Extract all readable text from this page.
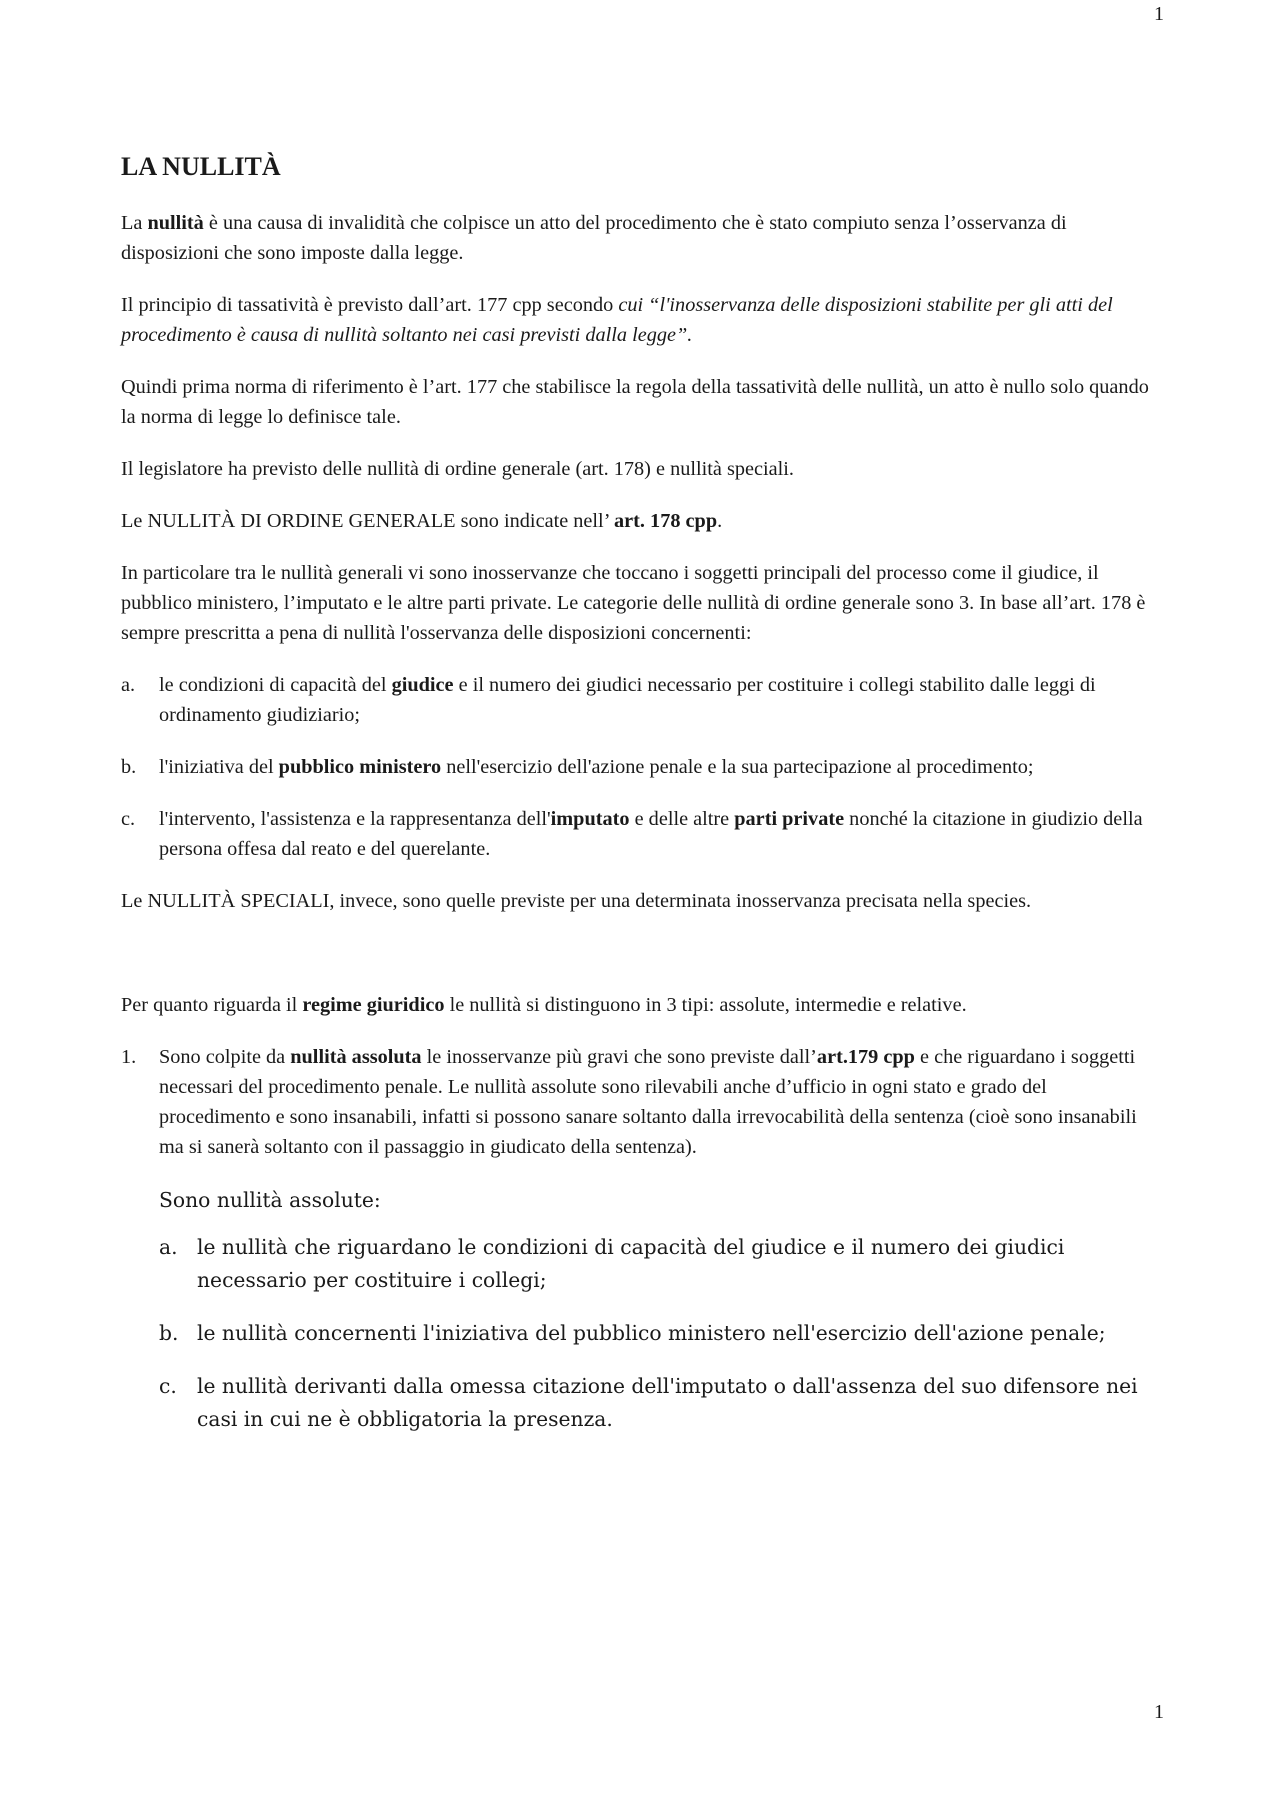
1
LA NULLITÀ

La nullità è una causa di invalidità che colpisce un atto del procedimento che è stato compiuto senza l’osservanza di disposizioni che sono imposte dalla legge.

Il principio di tassatività è previsto dall’art. 177 cpp secondo cui “l'inosservanza delle disposizioni stabilite per gli atti del procedimento è causa di nullità soltanto nei casi previsti dalla legge”.

Quindi prima norma di riferimento è l’art. 177 che stabilisce la regola della tassatività delle nullità, un atto è nullo solo quando la norma di legge lo definisce tale.

Il legislatore ha previsto delle nullità di ordine generale (art. 178) e nullità speciali.

Le NULLITÀ DI ORDINE GENERALE sono indicate nell’ art. 178 cpp.

In particolare tra le nullità generali vi sono inosservanze che toccano i soggetti principali del processo come il giudice, il pubblico ministero, l’imputato e le altre parti private. Le categorie delle nullità di ordine generale sono 3. In base all’art. 178 è sempre prescritta a pena di nullità l'osservanza delle disposizioni concernenti:

a. le condizioni di capacità del giudice e il numero dei giudici necessario per costituire i collegi stabilito dalle leggi di ordinamento giudiziario;
b. l'iniziativa del pubblico ministero nell'esercizio dell'azione penale e la sua partecipazione al procedimento;
c. l'intervento, l'assistenza e la rappresentanza dell'imputato e delle altre parti private nonché la citazione in giudizio della persona offesa dal reato e del querelante.

Le NULLITÀ SPECIALI, invece, sono quelle previste per una determinata inosservanza precisata nella species.

Per quanto riguarda il regime giuridico le nullità si distinguono in 3 tipi: assolute, intermedie e relative.

1. Sono colpite da nullità assoluta le inosservanze più gravi che sono previste dall’art.179 cpp e che riguardano i soggetti necessari del procedimento penale. Le nullità assolute sono rilevabili anche d’ufficio in ogni stato e grado del procedimento e sono insanabili, infatti si possono sanare soltanto dalla irrevocabilità della sentenza (cioè sono insanabili ma si sanerà soltanto con il passaggio in giudicato della sentenza).

Sono nullità assolute:

a. le nullità che riguardano le condizioni di capacità del giudice e il numero dei giudici necessario per costituire i collegi;
b. le nullità concernenti l'iniziativa del pubblico ministero nell'esercizio dell'azione penale;
c. le nullità derivanti dalla omessa citazione dell'imputato o dall'assenza del suo difensore nei casi in cui ne è obbligatoria la presenza.
1
